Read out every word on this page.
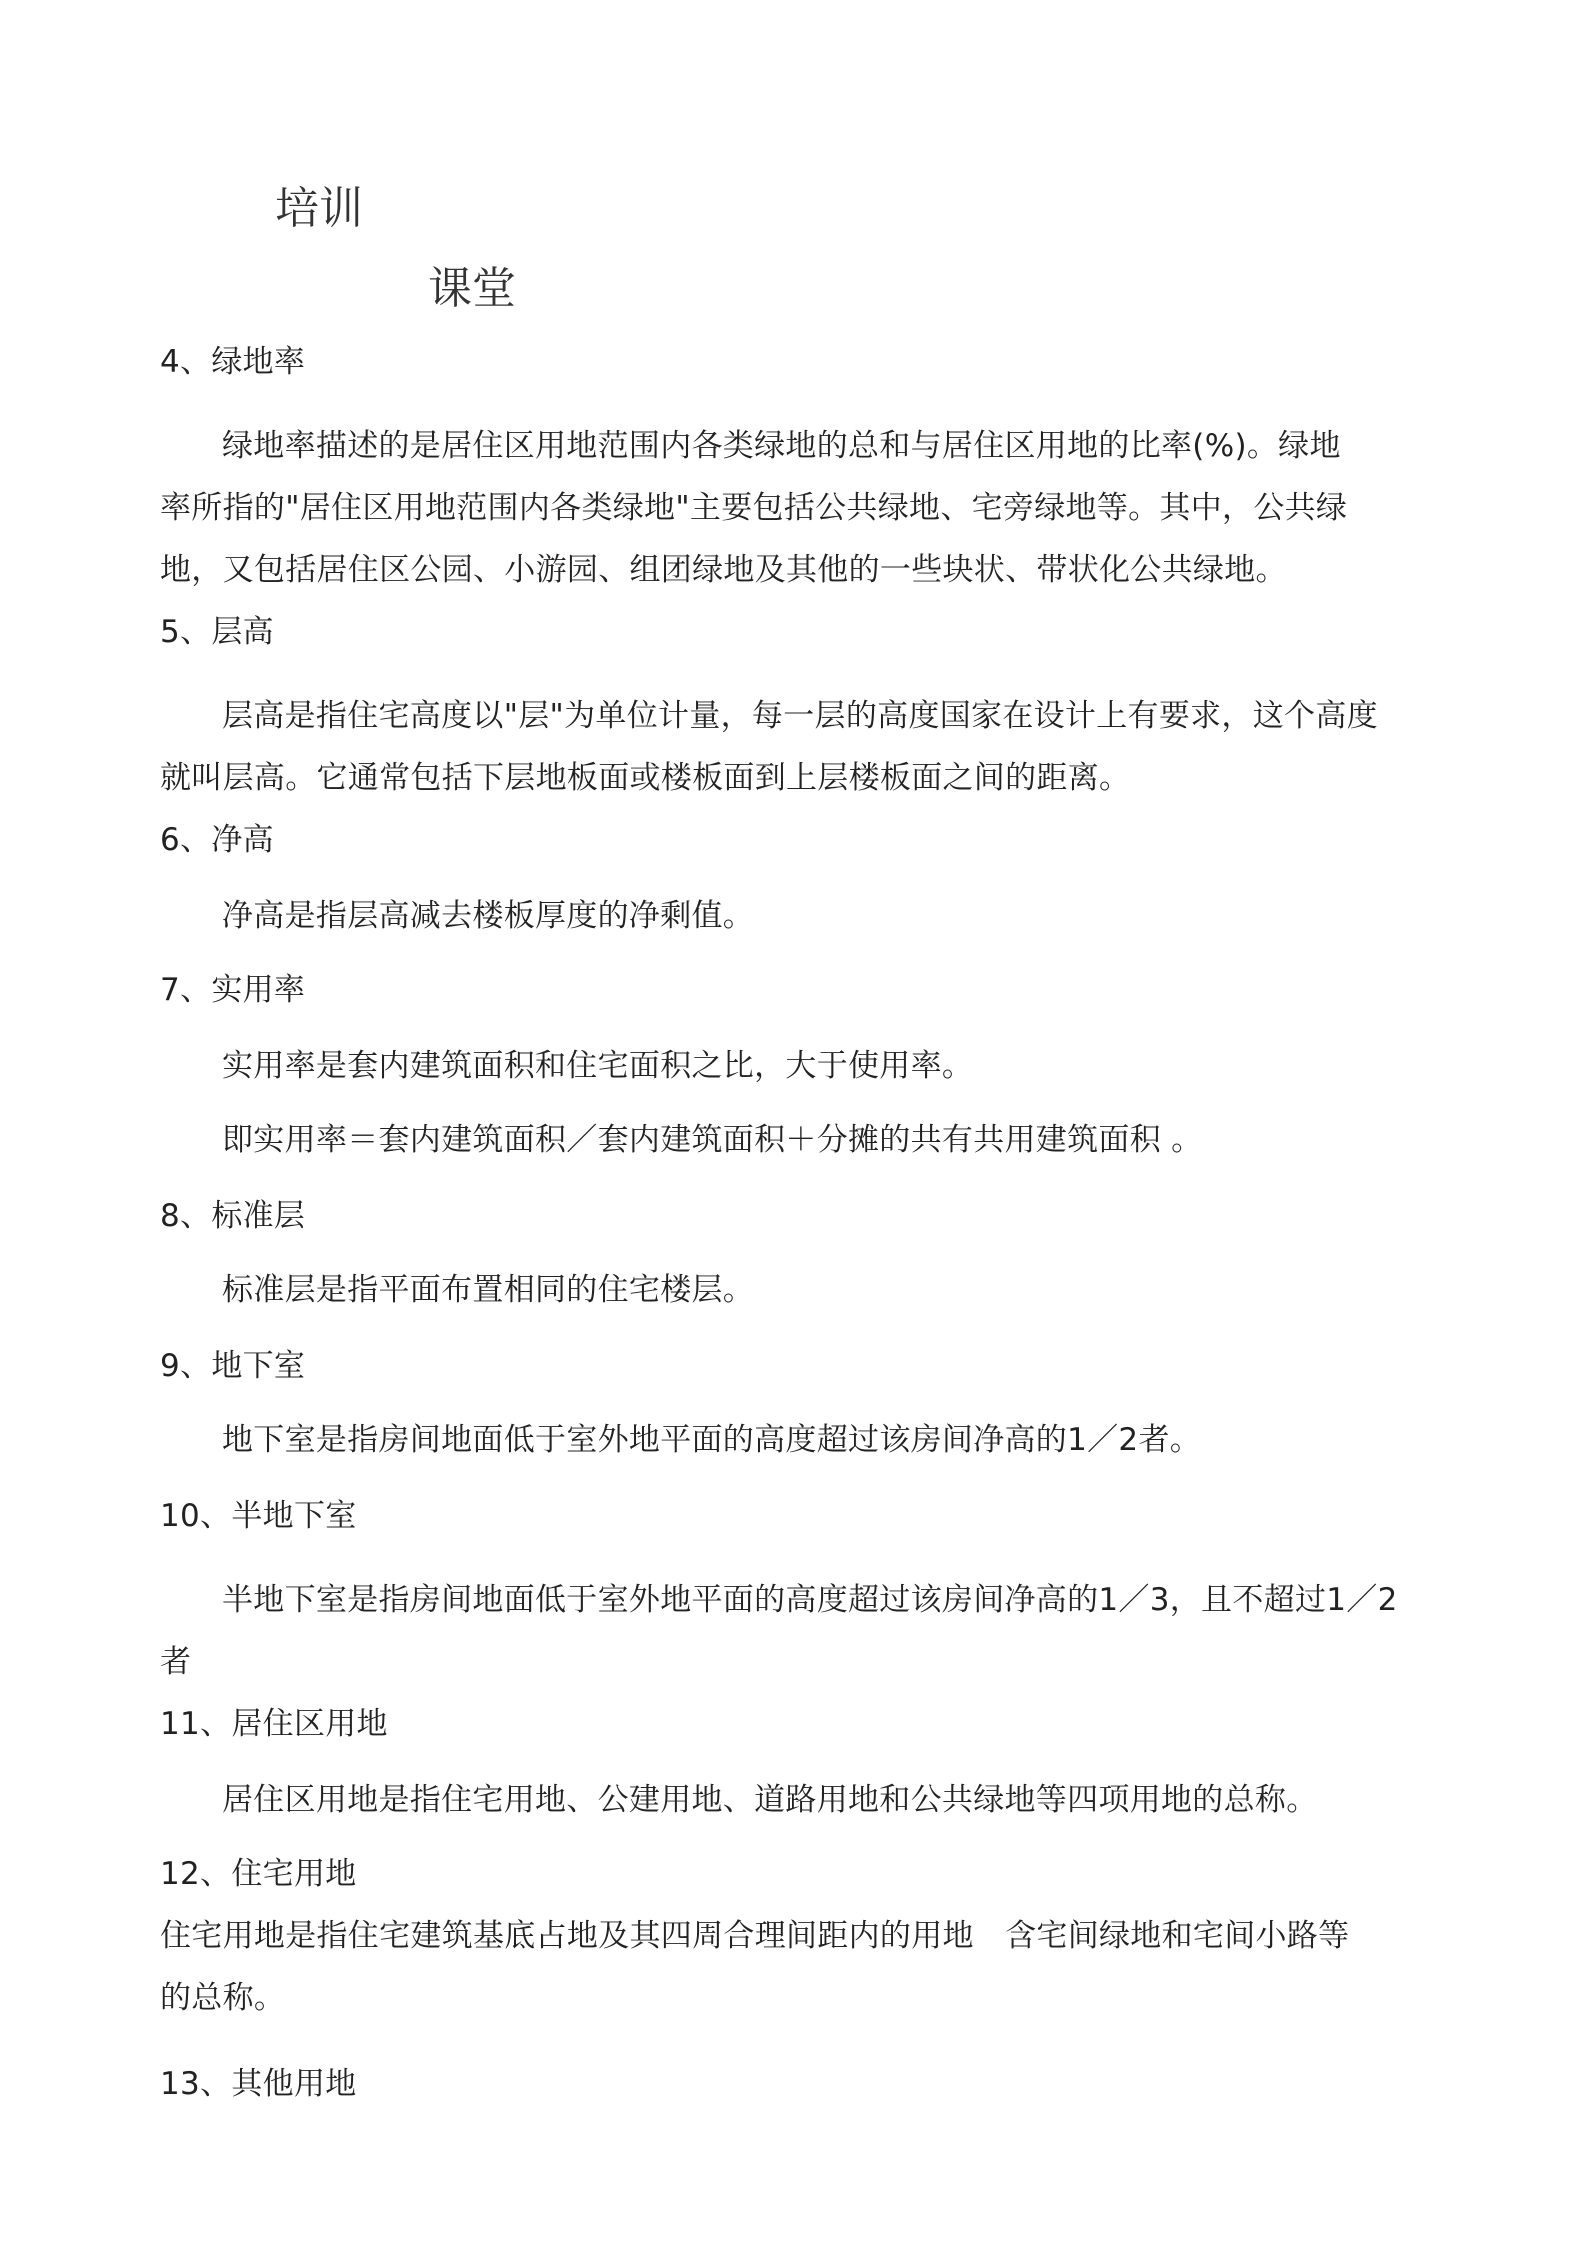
培训
课堂
4、绿地率
绿地率描述的是居住区用地范围内各类绿地的总和与居住区用地的比率(%)。绿地
率所指的"居住区用地范围内各类绿地"主要包括公共绿地、宅旁绿地等。其中，公共绿
地，又包括居住区公园、小游园、组团绿地及其他的一些块状、带状化公共绿地。
5、层高
层高是指住宅高度以"层"为单位计量，每一层的高度国家在设计上有要求，这个高度
就叫层高。它通常包括下层地板面或楼板面到上层楼板面之间的距离。
6、净高
净高是指层高减去楼板厚度的净剩值。
7、实用率
实用率是套内建筑面积和住宅面积之比，大于使用率。
即实用率＝套内建筑面积／套内建筑面积＋分摊的共有共用建筑面积 。
8、标准层
标准层是指平面布置相同的住宅楼层。
9、地下室
地下室是指房间地面低于室外地平面的高度超过该房间净高的1／2者。
10、半地下室
半地下室是指房间地面低于室外地平面的高度超过该房间净高的1／3，且不超过1／2
者
11、居住区用地
居住区用地是指住宅用地、公建用地、道路用地和公共绿地等四项用地的总称。
12、住宅用地
住宅用地是指住宅建筑基底占地及其四周合理间距内的用地　含宅间绿地和宅间小路等
的总称。
13、其他用地
